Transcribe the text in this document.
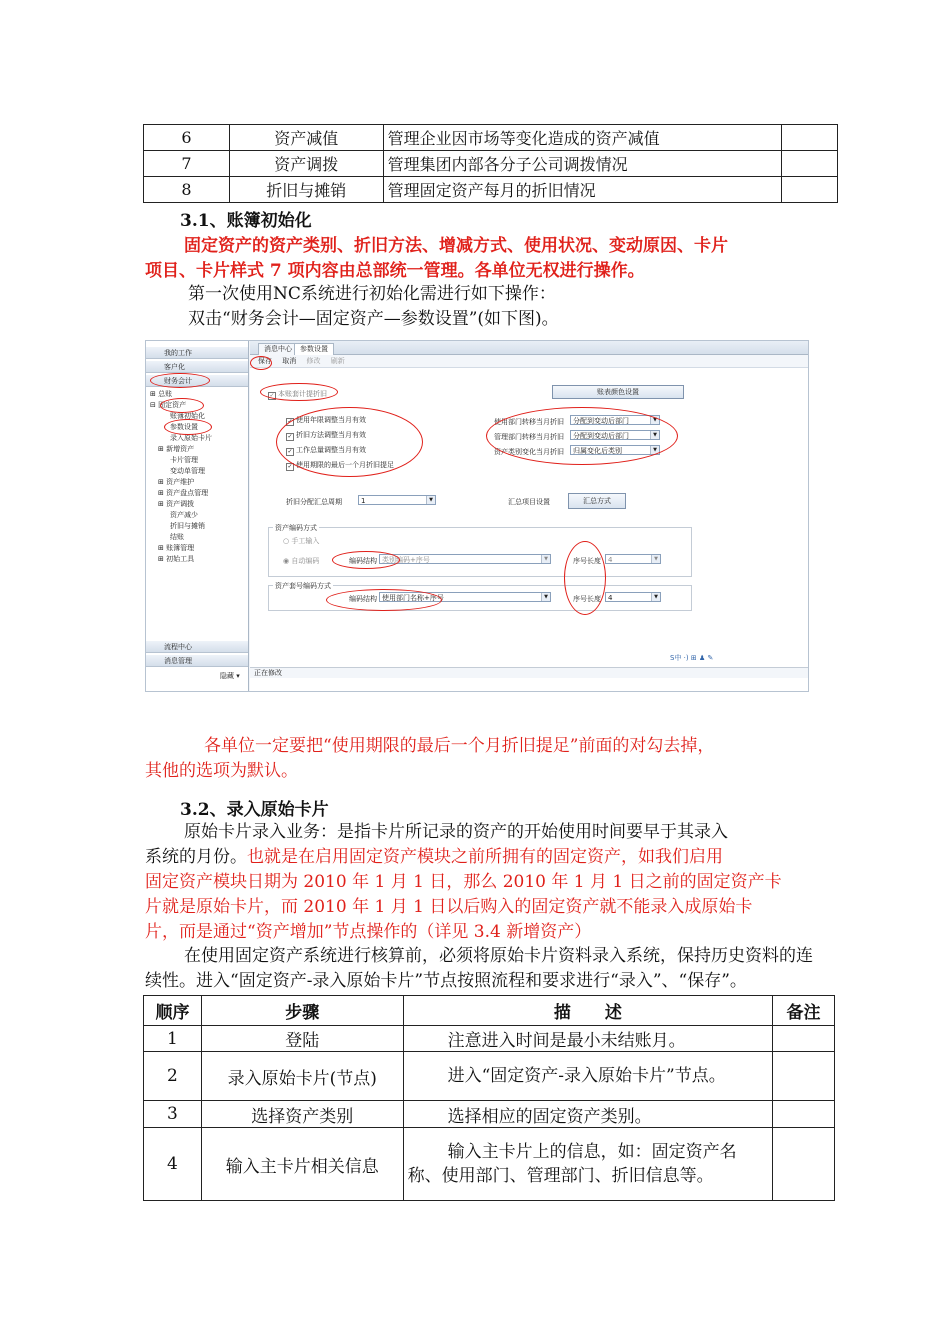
6	资产减值	管理企业因市场等变化造成的资产减值	
7	资产调拨	管理集团内部各分子公司调拨情况	
8	折旧与摊销	管理固定资产每月的折旧情况	
3.1、账簿初始化
固定资产的资产类别、折旧方法、增减方式、使用状况、变动原因、卡片
项目、卡片样式 7 项内容由总部统一管理。各单位无权进行操作。
第一次使用NC系统进行初始化需进行如下操作：
双击“财务会计—固定资产—参数设置”(如下图)。
我的工作
客户化
财务会计
⊞ 总账
⊟ 固定资产
账簿初始化
参数设置
录入原始卡片
⊞ 新增资产
卡片管理
变动单管理
⊞ 资产维护
⊞ 资产盘点管理
⊞ 资产调拨
资产减少
折旧与摊销
结账
⊞ 账簿管理
⊞ 初始工具
流程中心
消息管理
隐藏 ▾
消息中心	参数设置
保存 取消 修改 刷新
✓ 本账套计提折旧	账表颜色设置
✓ 使用年限调整当月有效
✓ 折旧方法调整当月有效
✓ 工作总量调整当月有效
✓ 使用期限的最后一个月折旧提足
使用部门转移当月折旧	分配到变动后部门	▼
管理部门转移当月折旧	分配到变动后部门	▼
资产类别变化当月折旧	归属变化后类别	▼
折旧分配汇总周期	1	▼	汇总项目设置	汇总方式
资产编码方式
○ 手工输入
◉ 自动编码	编码结构 类别编码+序号	▼	序号长度	4	▼
资产套号编码方式
编码结构 使用部门名称+序号	▼	序号长度	4	▼
正在修改
S中 ·) ⊞ ♟ ✎
各单位一定要把“使用期限的最后一个月折旧提足”前面的对勾去掉，
其他的选项为默认。
3.2、录入原始卡片
原始卡片录入业务：是指卡片所记录的资产的开始使用时间要早于其录入
系统的月份。也就是在启用固定资产模块之前所拥有的固定资产，如我们启用
固定资产模块日期为 2010 年 1 月 1 日，那么 2010 年 1 月 1 日之前的固定资产卡
片就是原始卡片，而 2010 年 1 月 1 日以后购入的固定资产就不能录入成原始卡
片，而是通过“资产增加”节点操作的（详见 3.4 新增资产）
在使用固定资产系统进行核算前，必须将原始卡片资料录入系统，保持历史资料的连
续性。进入“固定资产-录入原始卡片”节点按照流程和要求进行“录入”、“保存”。
顺序	步骤	描　　述	备注
1	登陆	注意进入时间是最小未结账月。	
2	录入原始卡片(节点)	进入“固定资产-录入原始卡片”节点。	
3	选择资产类别	选择相应的固定资产类别。	
4	输入主卡片相关信息	输入主卡片上的信息，如：固定资产名称、使用部门、管理部门、折旧信息等。	
